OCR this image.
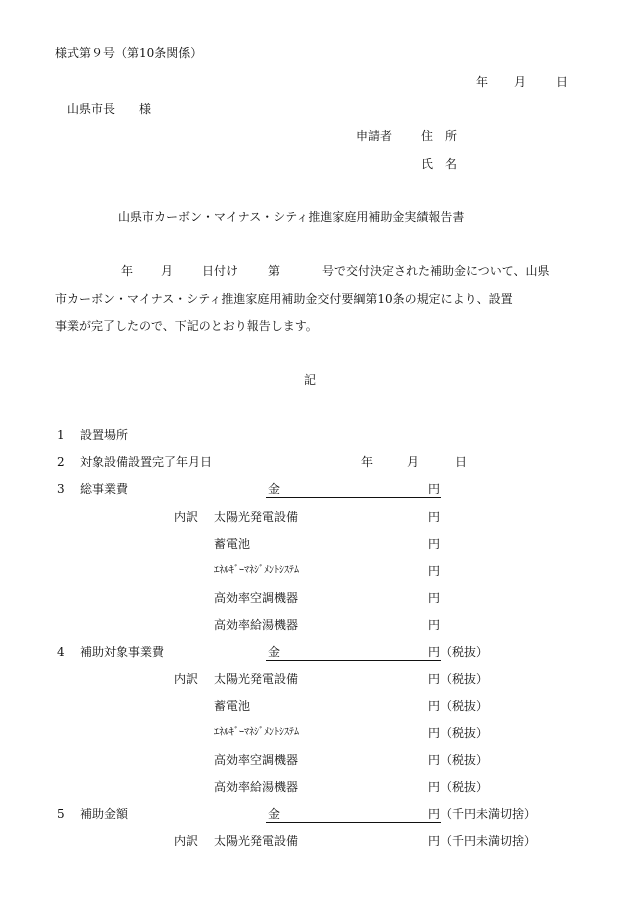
様式第９号（第10条関係）
年 月 日
山県市長　　様
申請者 住　所
氏　名
山県市カーボン・マイナス・シティ推進家庭用補助金実績報告書
年 月 日付け 第	号で交付決定された補助金について、山県
市カーボン・マイナス・シティ推進家庭用補助金交付要綱第10条の規定により、設置
事業が完了したので、下記のとおり報告します。
記
1 設置場所
2 対象設備設置完了年月日	年	月	日
3 総事業費	金	円
内訳 太陽光発電設備	円
蓄電池	円
ｴﾈﾙｷﾞｰﾏﾈｼﾞﾒﾝﾄｼｽﾃﾑ	円
高効率空調機器	円
高効率給湯機器	円
4 補助対象事業費	金	円（税抜）
内訳 太陽光発電設備	円（税抜）
蓄電池	円（税抜）
ｴﾈﾙｷﾞｰﾏﾈｼﾞﾒﾝﾄｼｽﾃﾑ	円（税抜）
高効率空調機器	円（税抜）
高効率給湯機器	円（税抜）
5 補助金額	金	円（千円未満切捨）
内訳 太陽光発電設備	円（千円未満切捨）
